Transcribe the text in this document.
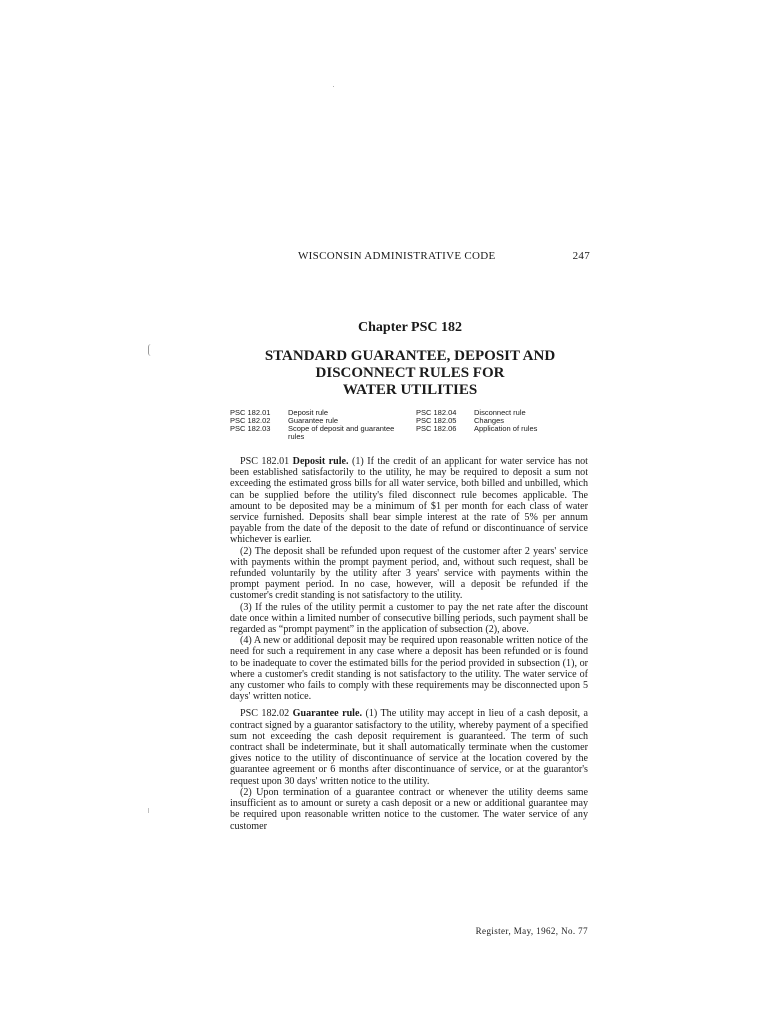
WISCONSIN ADMINISTRATIVE CODE	247
Chapter PSC 182
STANDARD GUARANTEE, DEPOSIT AND
DISCONNECT RULES FOR
WATER UTILITIES
PSC 182.01	Deposit rule
PSC 182.02	Guarantee rule
PSC 182.03	Scope of deposit and guarantee rules
PSC 182.04	Disconnect rule
PSC 182.05	Changes
PSC 182.06	Application of rules

PSC 182.01 Deposit rule. (1) If the credit of an applicant for water service has not been established satisfactorily to the utility, he may be required to deposit a sum not exceeding the estimated gross bills for all water service, both billed and unbilled, which can be supplied before the utility's filed disconnect rule becomes applicable. The amount to be deposited may be a minimum of $1 per month for each class of water service furnished. Deposits shall bear simple interest at the rate of 5% per annum payable from the date of the deposit to the date of refund or discontinuance of service whichever is earlier.

(2) The deposit shall be refunded upon request of the customer after 2 years' service with payments within the prompt payment period, and, without such request, shall be refunded voluntarily by the utility after 3 years' service with payments within the prompt payment period. In no case, however, will a deposit be refunded if the customer's credit standing is not satisfactory to the utility.

(3) If the rules of the utility permit a customer to pay the net rate after the discount date once within a limited number of consecutive billing periods, such payment shall be regarded as “prompt payment” in the application of subsection (2), above.

(4) A new or additional deposit may be required upon reasonable written notice of the need for such a requirement in any case where a deposit has been refunded or is found to be inadequate to cover the estimated bills for the period provided in subsection (1), or where a customer's credit standing is not satisfactory to the utility. The water service of any customer who fails to comply with these requirements may be disconnected upon 5 days' written notice.

PSC 182.02 Guarantee rule. (1) The utility may accept in lieu of a cash deposit, a contract signed by a guarantor satisfactory to the utility, whereby payment of a specified sum not exceeding the cash deposit requirement is guaranteed. The term of such contract shall be indeterminate, but it shall automatically terminate when the customer gives notice to the utility of discontinuance of service at the location covered by the guarantee agreement or 6 months after discontinuance of service, or at the guarantor's request upon 30 days' written notice to the utility.

(2) Upon termination of a guarantee contract or whenever the utility deems same insufficient as to amount or surety a cash deposit or a new or additional guarantee may be required upon reasonable written notice to the customer. The water service of any customer

Register, May, 1962, No. 77
